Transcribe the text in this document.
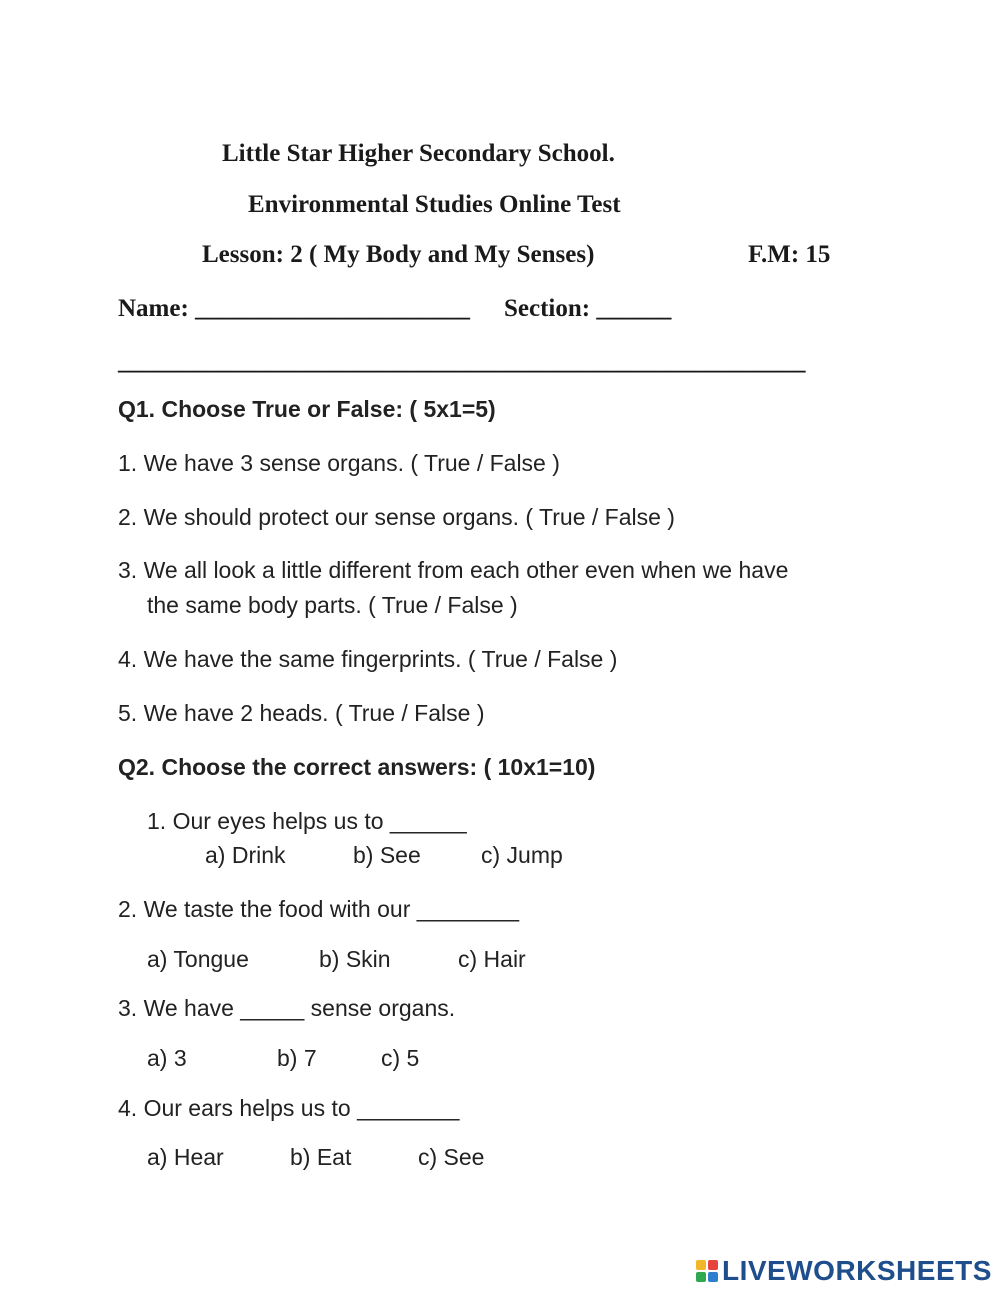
Little Star Higher Secondary School.
Environmental Studies Online Test
Lesson: 2 ( My Body and My Senses)	F.M: 15
Name: ______________________ Section: ______
_______________________________________________________
Q1. Choose True or False: ( 5x1=5)
1. We have 3 sense organs. ( True / False )
2. We should protect our sense organs. ( True / False )
3. We all look a little different from each other even when we have
the same body parts. ( True / False )
4. We have the same fingerprints. ( True / False )
5. We have 2 heads. ( True / False )
Q2. Choose the correct answers: ( 10x1=10)
1. Our eyes helps us to ______
a) Drink	b) See	c) Jump
2. We taste the food with our ________
a) Tongue	b) Skin	c) Hair
3. We have _____ sense organs.
a) 3	b) 7	c) 5
4. Our ears helps us to ________
a) Hear	b) Eat	c) See
LIVEWORKSHEETS
